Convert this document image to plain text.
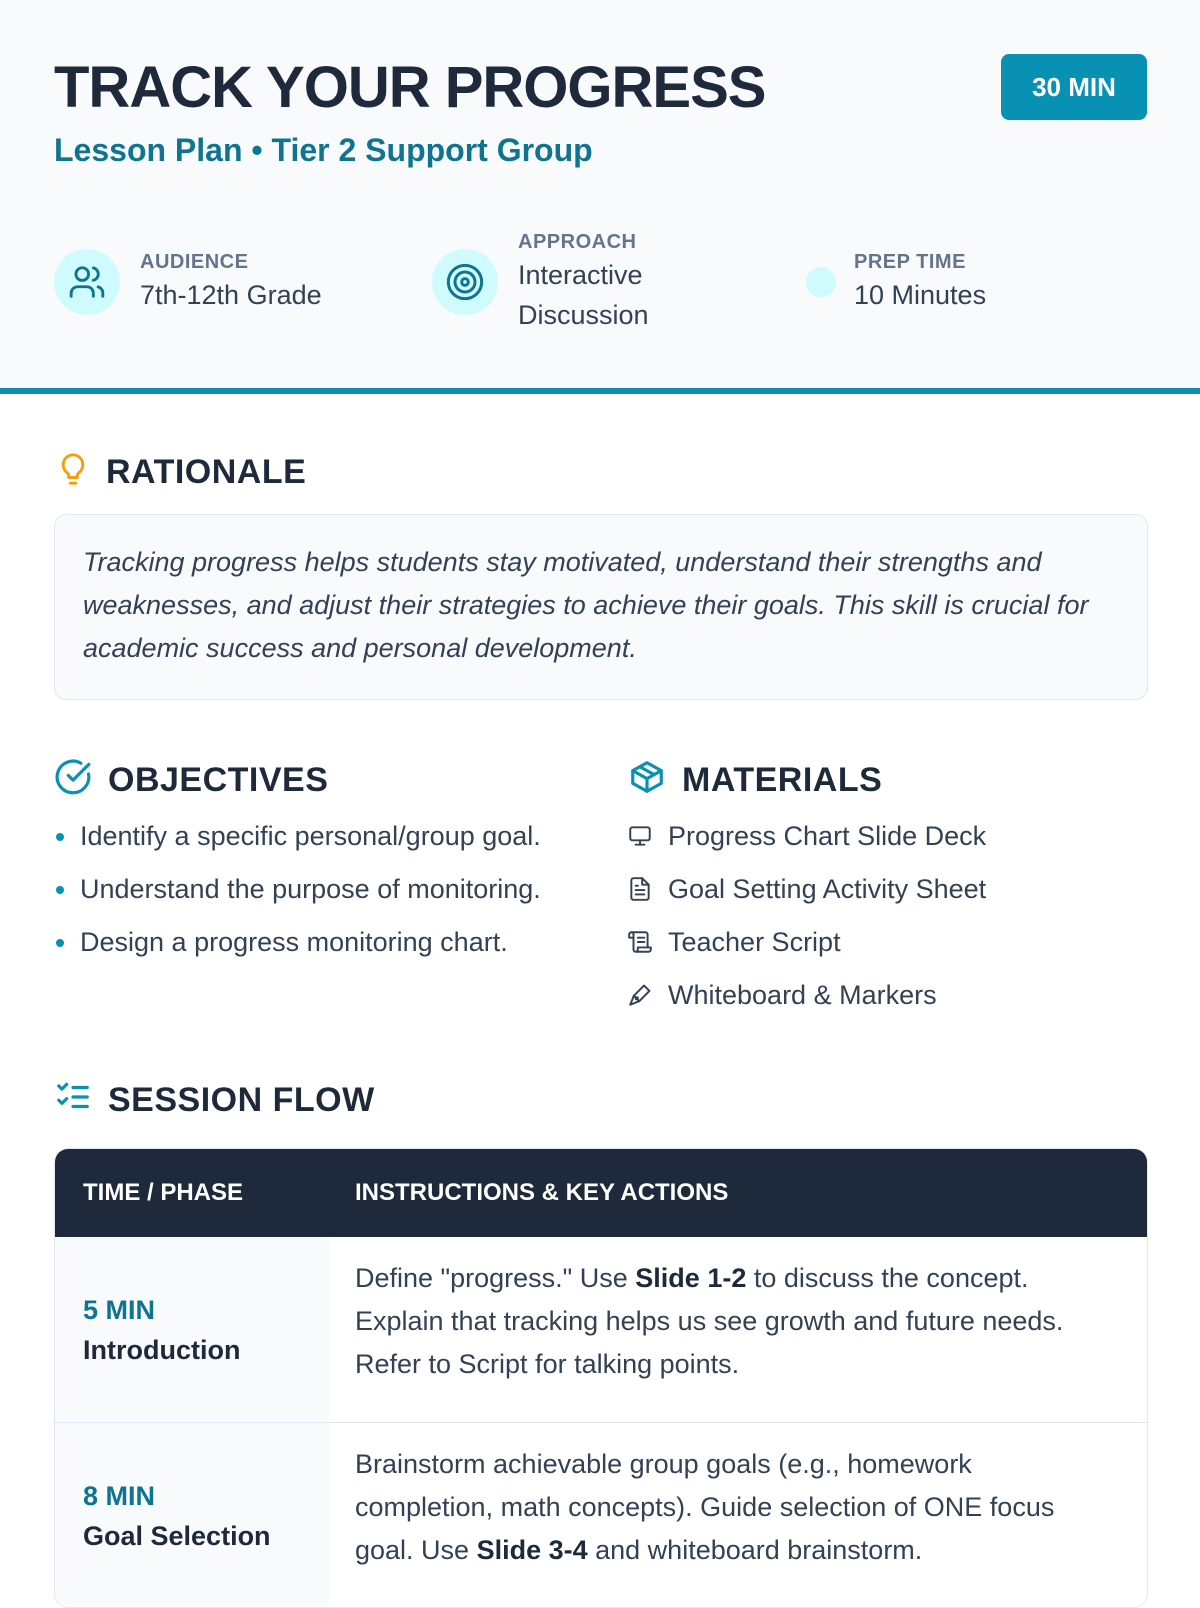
TRACK YOUR PROGRESS
Lesson Plan • Tier 2 Support Group
30 MIN
AUDIENCE
7th-12th Grade
APPROACH
Interactive
Discussion
PREP TIME
10 Minutes
RATIONALE

Tracking progress helps students stay motivated, understand their strengths and weaknesses, and adjust their strategies to achieve their goals. This skill is crucial for academic success and personal development.

OBJECTIVES
Identify a specific personal/group goal.
Understand the purpose of monitoring.
Design a progress monitoring chart.
MATERIALS
Progress Chart Slide Deck
Goal Setting Activity Sheet
Teacher Script
Whiteboard & Markers
SESSION FLOW
TIME / PHASE	INSTRUCTIONS & KEY ACTIONS
5 MIN
Introduction
Define "progress." Use Slide 1-2 to discuss the concept. Explain that tracking helps us see growth and future needs. Refer to Script for talking points.
8 MIN
Goal Selection
Brainstorm achievable group goals (e.g., homework completion, math concepts). Guide selection of ONE focus goal. Use Slide 3-4 and whiteboard brainstorm.
